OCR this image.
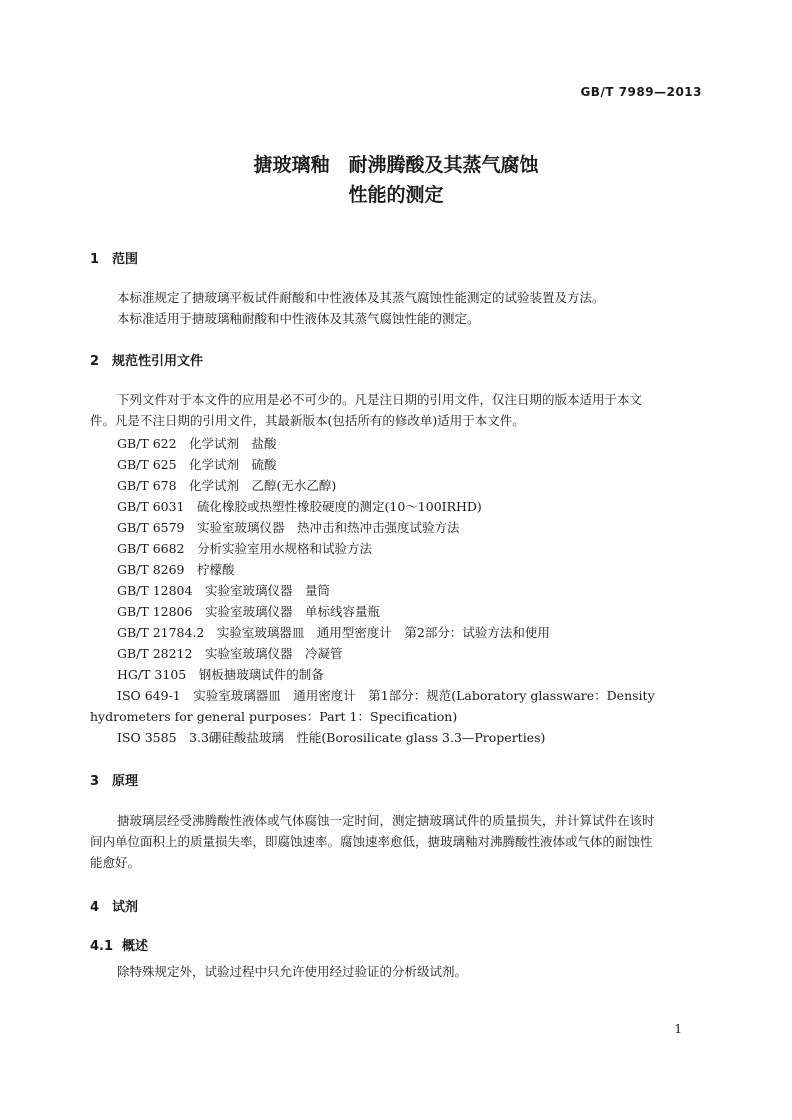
GB/T 7989—2013
搪玻璃釉　耐沸腾酸及其蒸气腐蚀
性能的测定
1 范围
本标准规定了搪玻璃平板试件耐酸和中性液体及其蒸气腐蚀性能测定的试验装置及方法。
本标准适用于搪玻璃釉耐酸和中性液体及其蒸气腐蚀性能的测定。
2 规范性引用文件
下列文件对于本文件的应用是必不可少的。凡是注日期的引用文件，仅注日期的版本适用于本文
件。凡是不注日期的引用文件，其最新版本(包括所有的修改单)适用于本文件。
GB/T 622　化学试剂　盐酸
GB/T 625　化学试剂　硫酸
GB/T 678　化学试剂　乙醇(无水乙醇)
GB/T 6031　硫化橡胶或热塑性橡胶硬度的测定(10～100IRHD)
GB/T 6579　实验室玻璃仪器　热冲击和热冲击强度试验方法
GB/T 6682　分析实验室用水规格和试验方法
GB/T 8269　柠檬酸
GB/T 12804　实验室玻璃仪器　量筒
GB/T 12806　实验室玻璃仪器　单标线容量瓶
GB/T 21784.2　实验室玻璃器皿　通用型密度计　第2部分：试验方法和使用
GB/T 28212　实验室玻璃仪器　冷凝管
HG/T 3105　钢板搪玻璃试件的制备
ISO 649-1　实验室玻璃器皿　通用密度计　第1部分：规范(Laboratory glassware：Density
hydrometers for general purposes：Part 1：Specification)
ISO 3585　3.3硼硅酸盐玻璃　性能(Borosilicate glass 3.3—Properties)
3 原理
搪玻璃层经受沸腾酸性液体或气体腐蚀一定时间，测定搪玻璃试件的质量损失，并计算试件在该时
间内单位面积上的质量损失率，即腐蚀速率。腐蚀速率愈低，搪玻璃釉对沸腾酸性液体或气体的耐蚀性
能愈好。
4 试剂
4.1 概述
除特殊规定外，试验过程中只允许使用经过验证的分析级试剂。
1
